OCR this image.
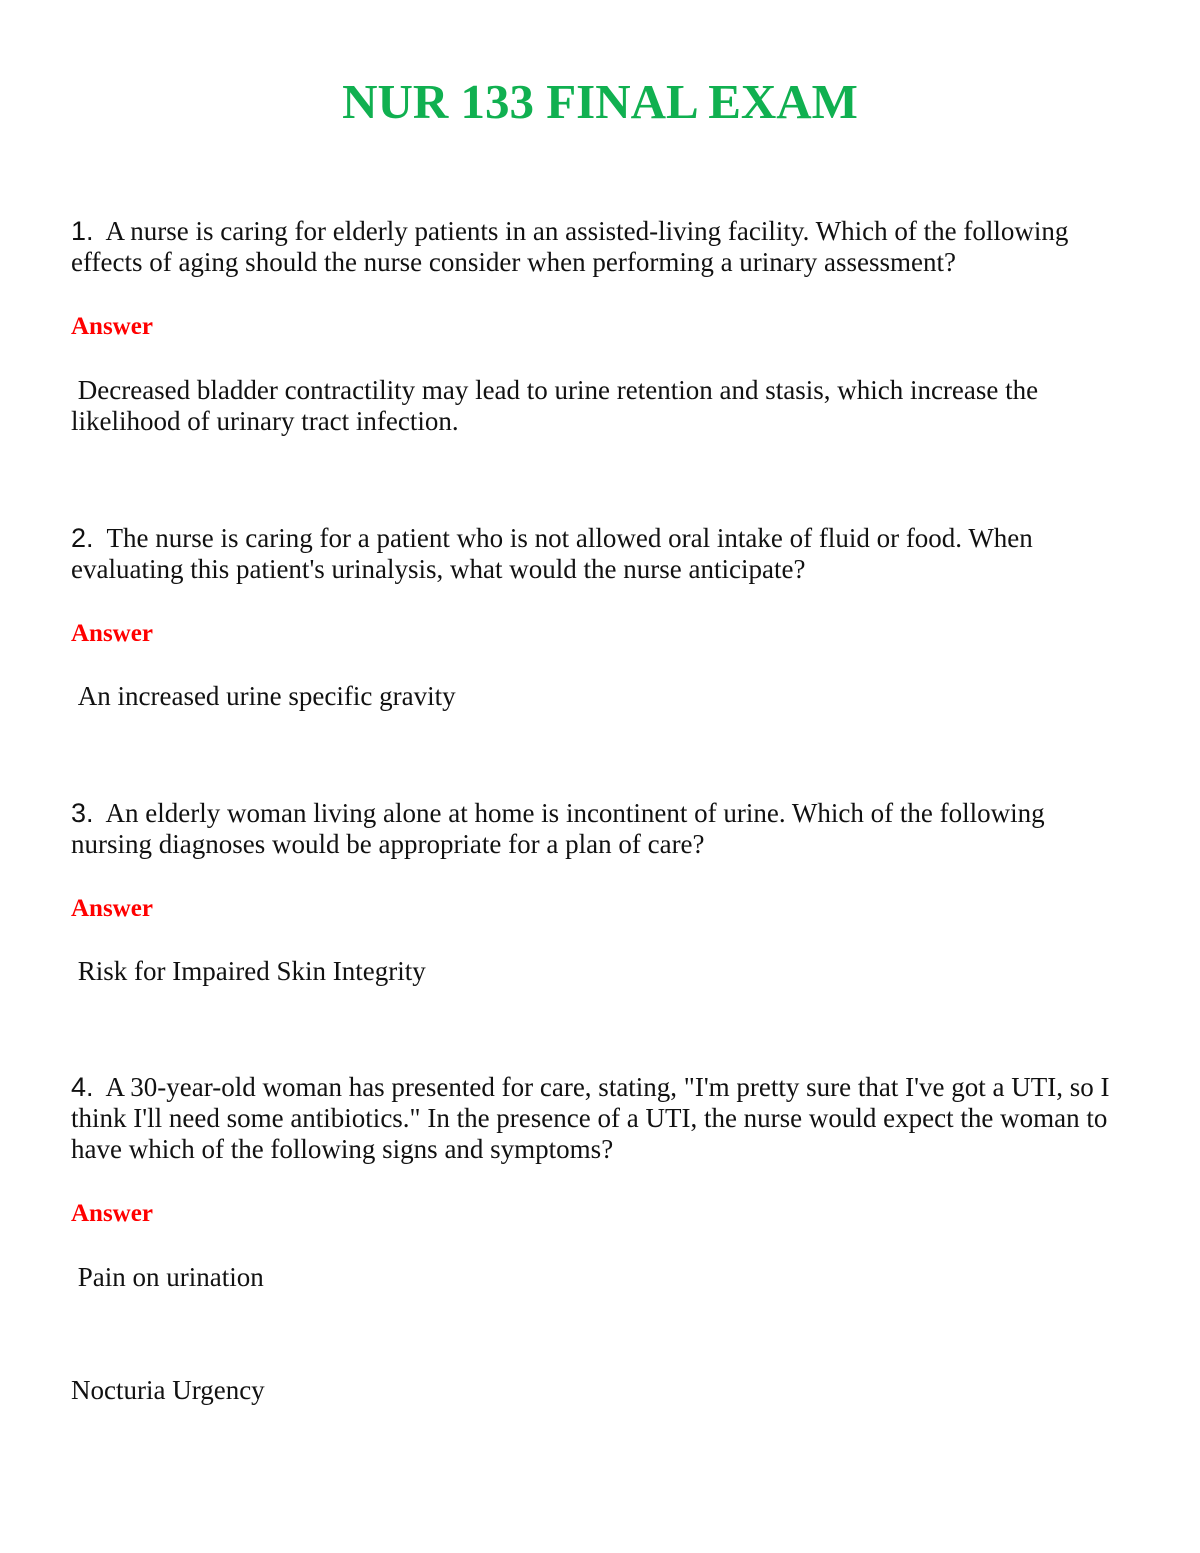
NUR 133 FINAL EXAM

1. A nurse is caring for elderly patients in an assisted-living facility. Which of the following effects of aging should the nurse consider when performing a urinary assessment?

Answer

Decreased bladder contractility may lead to urine retention and stasis, which increase the likelihood of urinary tract infection.

2. The nurse is caring for a patient who is not allowed oral intake of fluid or food. When evaluating this patient's urinalysis, what would the nurse anticipate?

Answer

An increased urine specific gravity

3. An elderly woman living alone at home is incontinent of urine. Which of the following nursing diagnoses would be appropriate for a plan of care?

Answer

Risk for Impaired Skin Integrity

4. A 30-year-old woman has presented for care, stating, "I'm pretty sure that I've got a UTI, so I think I'll need some antibiotics." In the presence of a UTI, the nurse would expect the woman to have which of the following signs and symptoms?

Answer

Pain on urination

Nocturia Urgency
